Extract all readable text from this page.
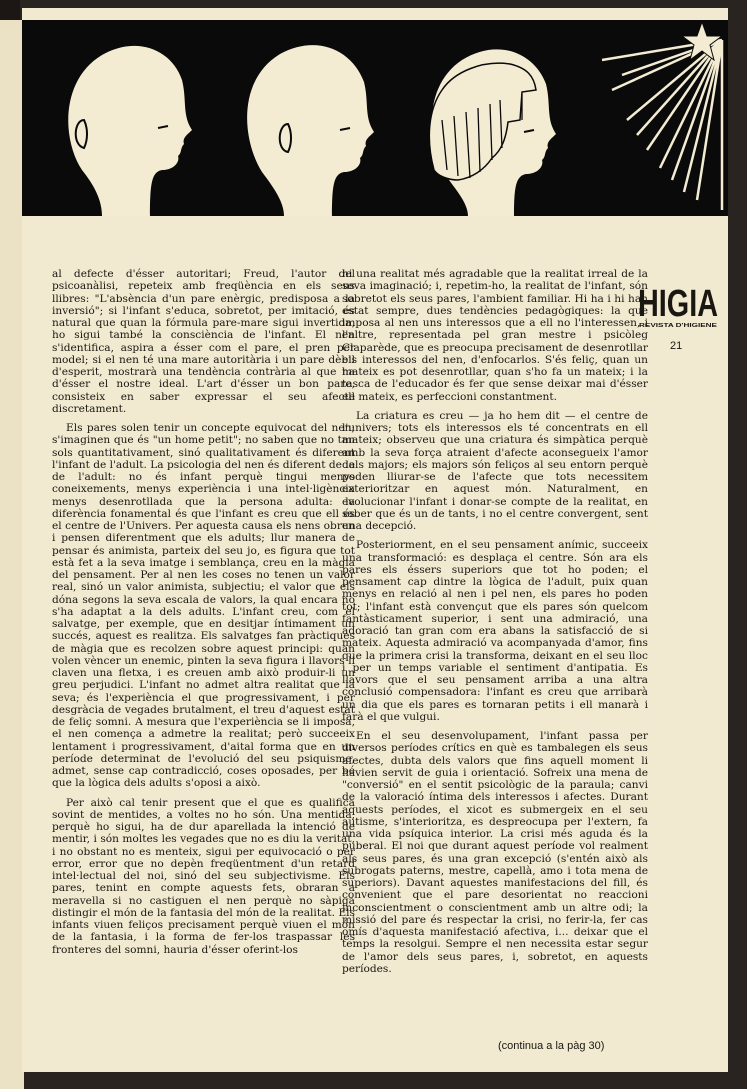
al defecte d'ésser autoritari; Freud, l'autor del psicoanàlisi, repeteix amb freqüència en els seus llibres: "L'absència d'un pare enèrgic, predisposa a la inversió"; si l'infant s'educa, sobretot, per imitació, és natural que quan la fórmula pare-mare sigui invertida, ho sigui també la consciència de l'infant. El nen s'identifica, aspira a ésser com el pare, el pren per model; si el nen té una mare autoritària i un pare dèbil d'esperit, mostrarà una tendència contrària al que ha d'ésser el nostre ideal. L'art d'ésser un bon pare, consisteix en saber expressar el seu afecte discretament.

Els pares solen tenir un concepte equivocat del nen; s'imaginen que és "un home petit"; no saben que no tan sols quantitativament, sinó qualitativament és diferent l'infant de l'adult. La psicologia del nen és diferent de la de l'adult: no és infant perquè tingui menys coneixements, menys experiència i una intel·ligència menys desenrotllada que la persona adulta: la diferència fonamental és que l'infant es creu que ell és el centre de l'Univers. Per aquesta causa els nens obren i pensen diferentment que els adults; llur manera de pensar és animista, parteix del seu jo, es figura que tot està fet a la seva imatge i semblança, creu en la màgia del pensament. Per al nen les coses no tenen un valor real, sinó un valor animista, subjectiu; el valor que els dóna segons la seva escala de valors, la qual encara no s'ha adaptat a la dels adults. L'infant creu, com el salvatge, per exemple, que en desitjar íntimament un succés, aquest es realitza. Els salvatges fan pràctiques de màgia que es recolzen sobre aquest principi: quan volen vèncer un enemic, pinten la seva figura i llavors li claven una fletxa, i es creuen amb això produir-li un greu perjudici. L'infant no admet altra realitat que la seva; és l'experiència el que progressivament, i per desgràcia de vegades brutalment, el treu d'aquest estat de feliç somni. A mesura que l'experiència se li imposa, el nen comença a admetre la realitat; però succeeix lentament i progressivament, d'aital forma que en un període determinat de l'evolució del seu psiquisme, admet, sense cap contradicció, coses oposades, per bé que la lògica dels adults s'oposi a això.

Per això cal tenir present que el que es qualifica sovint de mentides, a voltes no ho són. Una mentida, perquè ho sigui, ha de dur aparellada la intenció de mentir, i són moltes les vegades que no es diu la veritat, i no obstant no es menteix, sigui per equivocació o per error, error que no depèn freqüentment d'un retard intel·lectual del noi, sinó del seu subjectivisme. Els pares, tenint en compte aquests fets, obraran a meravella si no castiguen el nen perquè no sàpiga distingir el món de la fantasia del món de la realitat. Els infants viuen feliços precisament perquè viuen el món de la fantasia, i la forma de fer-los traspassar les fronteres del somni, hauria d'ésser oferint-los

hi una realitat més agradable que la realitat irreal de la seva imaginació; i, repetim-ho, la realitat de l'infant, són sobretot els seus pares, l'ambient familiar. Hi ha i hi han estat sempre, dues tendències pedagògiques: la que imposa al nen uns interessos que a ell no l'interessen, i l'altre, representada pel gran mestre i psicòleg Claparède, que es preocupa precisament de desenrotllar els interessos del nen, d'enfocarlos. S'és feliç, quan un mateix es pot desenrotllar, quan s'ho fa un mateix; i la tasca de l'educador és fer que sense deixar mai d'ésser ell mateix, es perfeccioni constantment.

La criatura es creu — ja ho hem dit — el centre de l'univers; tots els interessos els té concentrats en ell mateix; observeu que una criatura és simpàtica perquè amb la seva força atraient d'afecte aconsegueix l'amor dels majors; els majors són feliços al seu entorn perquè poden lliurar-se de l'afecte que tots necessitem exterioritzar en aquest món. Naturalment, en evolucionar l'infant i donar-se compte de la realitat, en saber que és un de tants, i no el centre convergent, sent una decepció.

Posteriorment, en el seu pensament anímic, succeeix una transformació: es desplaça el centre. Són ara els pares els éssers superiors que tot ho poden; el pensament cap dintre la lògica de l'adult, puix quan menys en relació al nen i pel nen, els pares ho poden tot; l'infant està convençut que els pares són quelcom fantàsticament superior, i sent una admiració, una adoració tan gran com era abans la satisfacció de si mateix. Aquesta admiració va acompanyada d'amor, fins que la primera crisi la transforma, deixant en el seu lloc i per un temps variable el sentiment d'antipatia. Es llavors que el seu pensament arriba a una altra conclusió compensadora: l'infant es creu que arribarà un dia que els pares es tornaran petits i ell manarà i farà el que vulgui.

En el seu desenvolupament, l'infant passa per diversos períodes crítics en què es tambalegen els seus afectes, dubta dels valors que fins aquell moment li havien servit de guia i orientació. Sofreix una mena de "conversió" en el sentit psicològic de la paraula; canvi de la valoració íntima dels interessos i afectes. Durant aquests períodes, el xicot es submergeix en el seu autisme, s'interioritza, es despreocupa per l'extern, fa una vida psíquica interior. La crisi més aguda és la puberal. El noi que durant aquest període vol realment als seus pares, és una gran excepció (s'entén això als subrogats paterns, mestre, capellà, amo i tota mena de superiors). Davant aquestes manifestacions del fill, és convenient que el pare desorientat no reaccioni inconscientment o conscientment amb un altre odi; la missió del pare és respectar la crisi, no ferir-la, fer cas omís d'aquesta manifestació afectiva, i... deixar que el temps la resolgui. Sempre el nen necessita estar segur de l'amor dels seus pares, i, sobretot, en aquests períodes.

HIGIA
REVISTA D'HIGIENE
21
(continua a la pàg 30)
